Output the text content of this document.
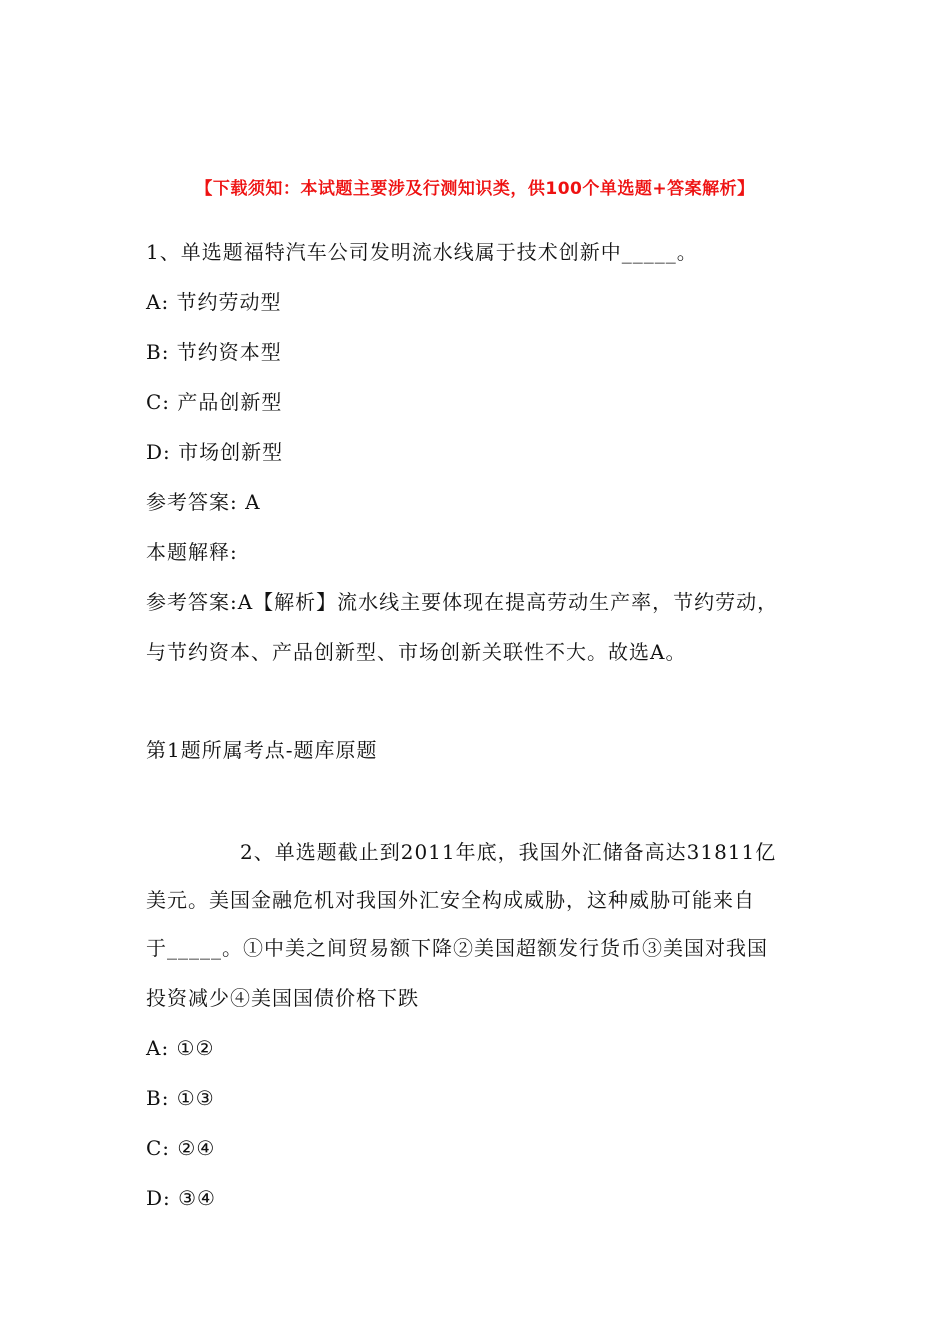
【下载须知：本试题主要涉及行测知识类，供100个单选题+答案解析】
1、单选题福特汽车公司发明流水线属于技术创新中_____。
A: 节约劳动型
B: 节约资本型
C: 产品创新型
D: 市场创新型
参考答案: A
本题解释:
参考答案:A【解析】流水线主要体现在提高劳动生产率，节约劳动，
与节约资本、产品创新型、市场创新关联性不大。故选A。
第1题所属考点-题库原题
2、单选题截止到2011年底，我国外汇储备高达31811亿
美元。美国金融危机对我国外汇安全构成威胁，这种威胁可能来自
于_____。①中美之间贸易额下降②美国超额发行货币③美国对我国
投资减少④美国国债价格下跌
A: ①②
B: ①③
C: ②④
D: ③④
